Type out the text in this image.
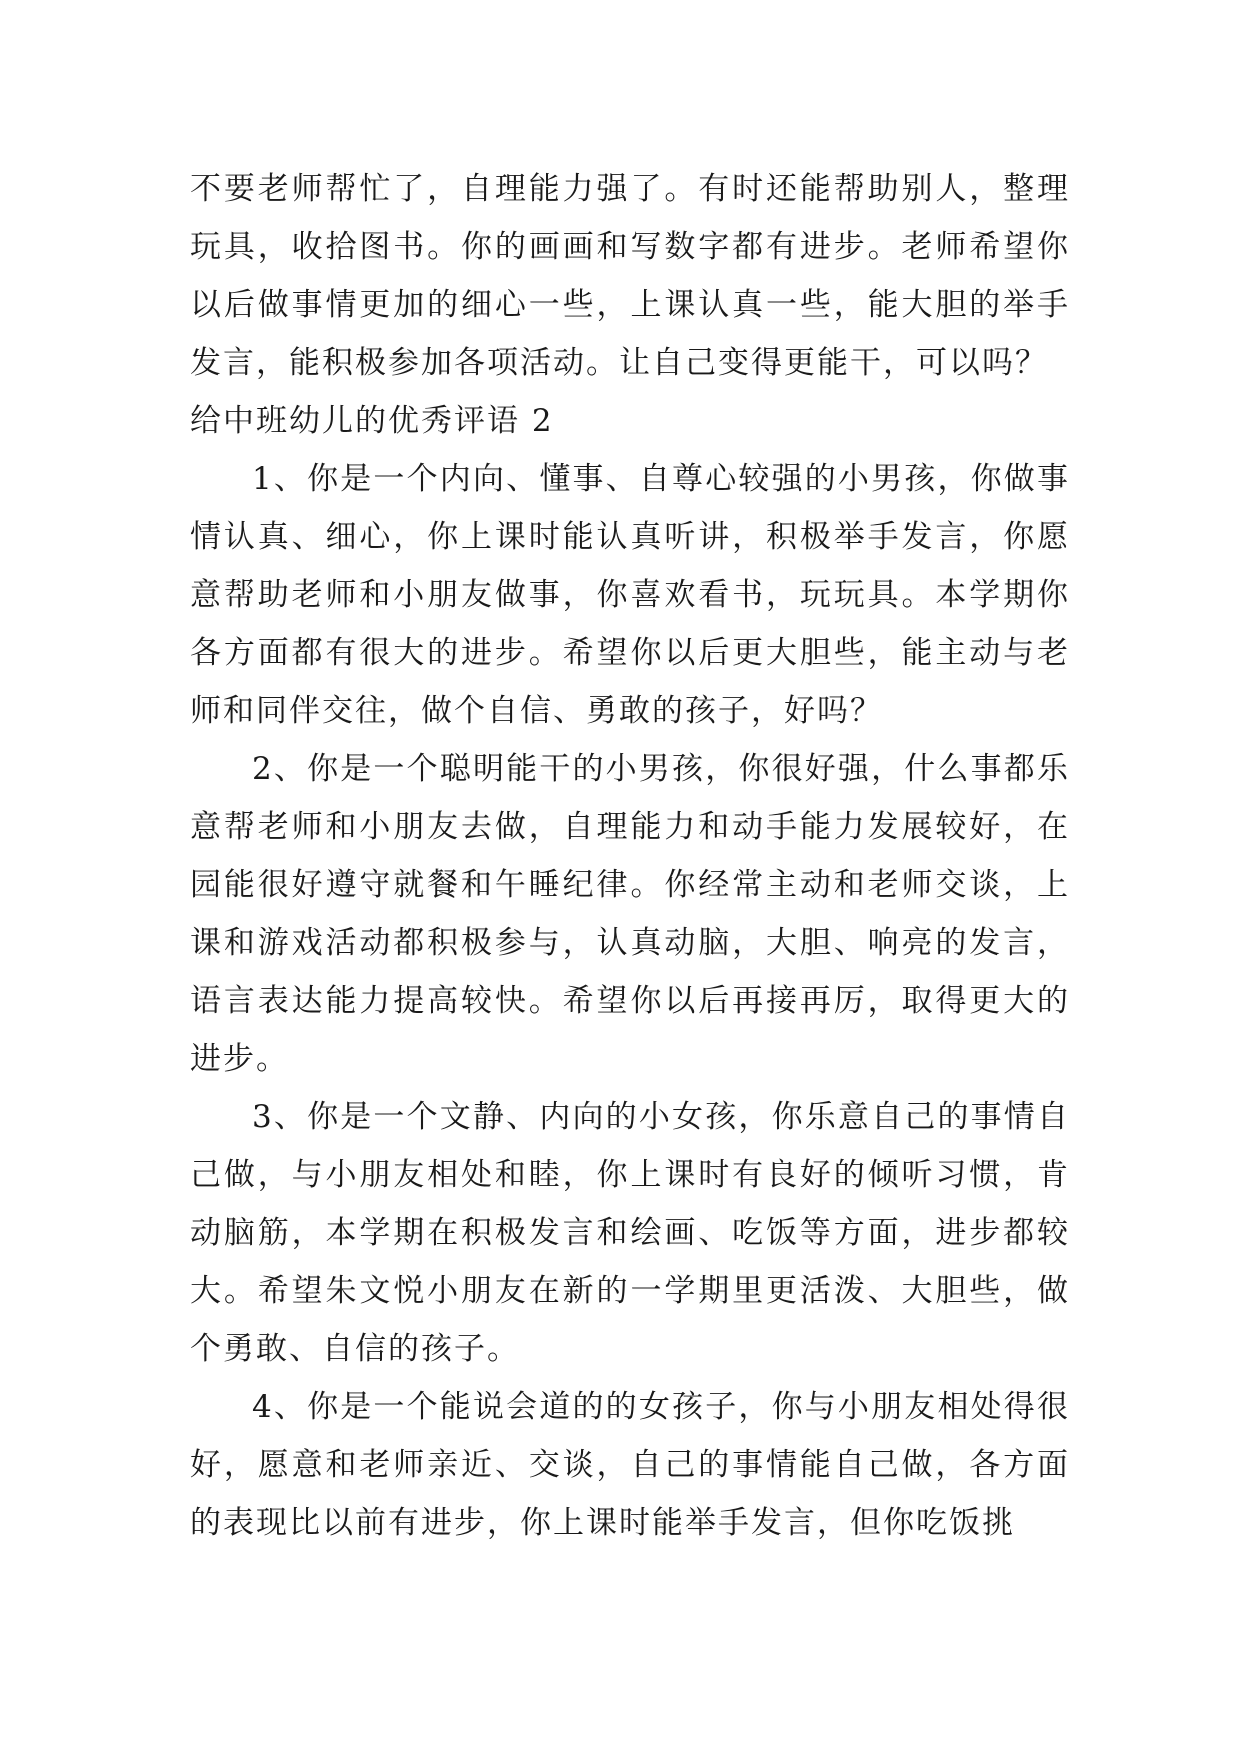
不要老师帮忙了，自理能力强了。有时还能帮助别人，整理玩具，收拾图书。你的画画和写数字都有进步。老师希望你以后做事情更加的细心一些，上课认真一些，能大胆的举手发言，能积极参加各项活动。让自己变得更能干，可以吗？

给中班幼儿的优秀评语 2

1、你是一个内向、懂事、自尊心较强的小男孩，你做事情认真、细心，你上课时能认真听讲，积极举手发言，你愿意帮助老师和小朋友做事，你喜欢看书，玩玩具。本学期你各方面都有很大的进步。希望你以后更大胆些，能主动与老师和同伴交往，做个自信、勇敢的孩子，好吗？

2、你是一个聪明能干的小男孩，你很好强，什么事都乐意帮老师和小朋友去做，自理能力和动手能力发展较好，在园能很好遵守就餐和午睡纪律。你经常主动和老师交谈，上课和游戏活动都积极参与，认真动脑，大胆、响亮的发言，语言表达能力提高较快。希望你以后再接再厉，取得更大的进步。

3、你是一个文静、内向的小女孩，你乐意自己的事情自己做，与小朋友相处和睦，你上课时有良好的倾听习惯，肯动脑筋，本学期在积极发言和绘画、吃饭等方面，进步都较大。希望朱文悦小朋友在新的一学期里更活泼、大胆些，做个勇敢、自信的孩子。

4、你是一个能说会道的的女孩子，你与小朋友相处得很好，愿意和老师亲近、交谈，自己的事情能自己做，各方面的表现比以前有进步，你上课时能举手发言，但你吃饭挑
